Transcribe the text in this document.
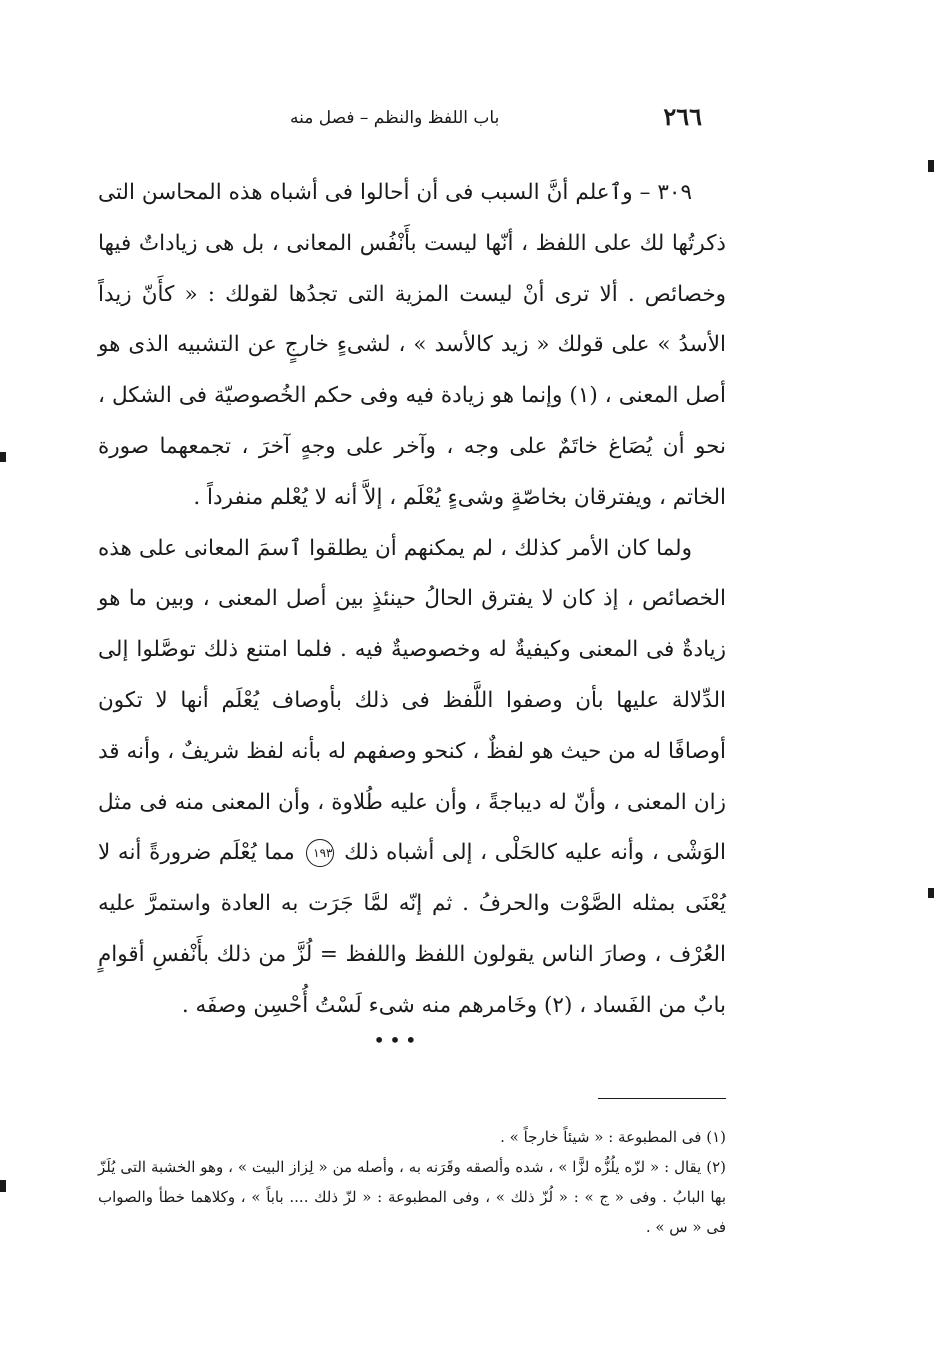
٢٦٦
باب اللفظ والنظم – فصل منه

٣٠٩ – وٱعلم أنَّ السبب فى أن أحالوا فى أشباه هذه المحاسن التى ذكرتُها لك على اللفظ ، أنّها ليست بأَنْفُس المعانى ، بل هى زياداتٌ فيها وخصائص . ألا ترى أنْ ليست المزية التى تجدُها لقولك : « كأَنّ زيداً الأسدُ » على قولك « زيد كالأسد » ، لشىءٍ خارجٍ عن التشبيه الذى هو أصل المعنى ، (١) وإنما هو زيادة فيه وفى حكم الخُصوصيّة فى الشكل ، نحو أن يُصَاغ خاتَمٌ على وجه ، وآخر على وجهٍ آخرَ ، تجمعهما صورة الخاتم ، ويفترقان بخاصّةٍ وشىءٍ يُعْلَم ، إلاَّ أنه لا يُعْلم منفرداً .

ولما كان الأمر كذلك ، لم يمكنهم أن يطلقوا ٱسمَ المعانى على هذه الخصائص ، إذ كان لا يفترق الحالُ حينئذٍ بين أصل المعنى ، وبين ما هو زيادةٌ فى المعنى وكيفيةٌ له وخصوصيةٌ فيه . فلما امتنع ذلك توصَّلوا إلى الدِّلالة عليها بأن وصفوا اللَّفظ فى ذلك بأوصاف يُعْلَم أنها لا تكون أوصافًا له من حيث هو لفظٌ ، كنحو وصفهم له بأنه لفظ شريفٌ ، وأنه قد زان المعنى ، وأنّ له ديباجةً ، وأن عليه طُلاوة ، وأن المعنى منه فى مثل الوَشْى ، وأنه عليه كالحَلْى ، إلى أشباه ذلك ١٩٣ مما يُعْلَم ضرورةً أنه لا يُعْنَى بمثله الصَّوْت والحرفُ . ثم إنّه لمَّا جَرَت به العادة واستمرَّ عليه العُرْف ، وصارَ الناس يقولون اللفظ واللفظ = لُزَّ من ذلك بأَنْفسِ أقوامٍ بابٌ من الفَساد ، (٢) وخَامرهم منه شىء لَسْتُ أُحْسِن وصفَه .

•••

(١) فى المطبوعة : « شيئاً خارجاً » .

(٢) يقال : « لزّه يلُزُّه لزًّا » ، شده وألصقه وقَرَنه به ، وأصله من « لِزاز البيت » ، وهو الخشبة التى يُلَزّ بها البابُ . وفى « ج » : « لُزّ ذلك » ، وفى المطبوعة : « لزّ ذلك .... باباً » ، وكلاهما خطأ والصواب فى « س » .
